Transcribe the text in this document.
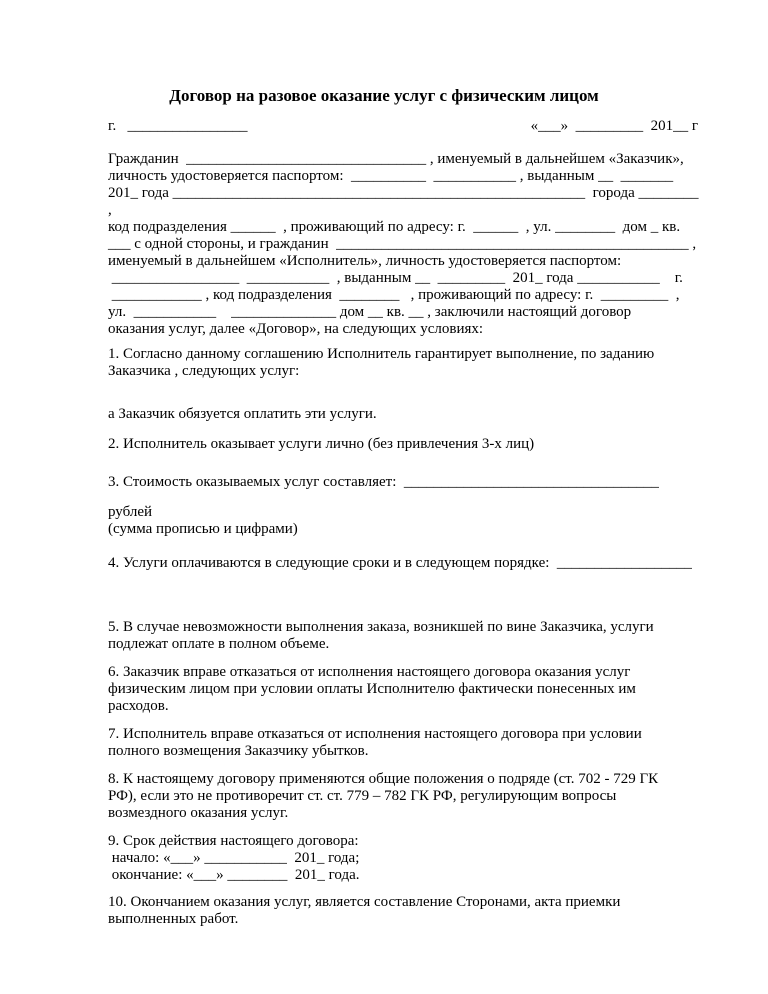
Договор на разовое оказание услуг с физическим лицом
г.   ________________	«___»  _________  201__ г
Гражданин  ________________________________ , именуемый в дальнейшем «Заказчик»,
личность удостоверяется паспортом:  __________  ___________ , выданным __  _______
201_ года _______________________________________________________  города ________
,
код подразделения ______  , проживающий по адресу: г.  ______  , ул. ________  дом _ кв.
___ с одной стороны, и гражданин  _______________________________________________ ,
именуемый в дальнейшем «Исполнитель», личность удостоверяется паспортом:
_________________  ___________  , выданным __  _________  201_ года ___________    г.
____________ , код подразделения  ________   , проживающий по адресу: г.  _________  ,
ул.  ___________    ______________ дом __ кв. __ , заключили настоящий договор
оказания услуг, далее «Договор», на следующих условиях:
1. Согласно данному соглашению Исполнитель гарантирует выполнение, по заданию
Заказчика , следующих услуг:
а Заказчик обязуется оплатить эти услуги.
2. Исполнитель оказывает услуги лично (без привлечения 3-х лиц)
3. Стоимость оказываемых услуг составляет:  __________________________________
рублей
(сумма прописью и цифрами)
4. Услуги оплачиваются в следующие сроки и в следующем порядке:  __________________
5. В случае невозможности выполнения заказа, возникшей по вине Заказчика, услуги
подлежат оплате в полном объеме.
6. Заказчик вправе отказаться от исполнения настоящего договора оказания услуг
физическим лицом при условии оплаты Исполнителю фактически понесенных им
расходов.
7. Исполнитель вправе отказаться от исполнения настоящего договора при условии
полного возмещения Заказчику убытков.
8. К настоящему договору применяются общие положения о подряде (ст. 702 - 729 ГК
РФ), если это не противоречит ст. ст. 779 – 782 ГК РФ, регулирующим вопросы
возмездного оказания услуг.
9. Срок действия настоящего договора:
начало: «___» ___________  201_ года;
окончание: «___» ________  201_ года.
10. Окончанием оказания услуг, является составление Сторонами, акта приемки
выполненных работ.
